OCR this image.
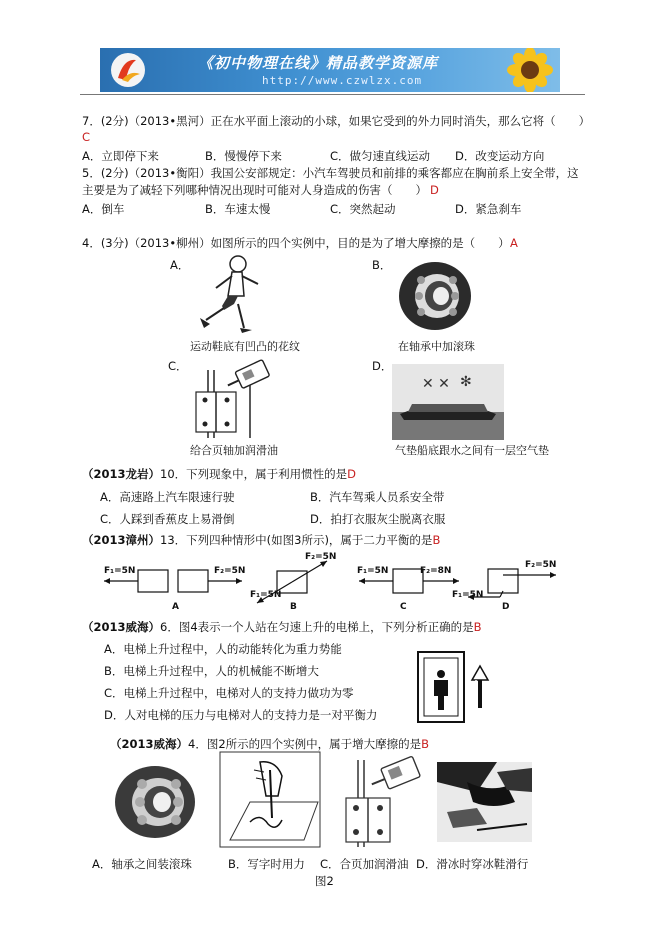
《初中物理在线》精品教学资源库
http://www.czwlzx.com
7．(2分)（2013•黑河）正在水平面上滚动的小球，如果它受到的外力同时消失，那么它将（　　）
C
A．立即停下来	B．慢慢停下来	C．做匀速直线运动 D．改变运动方向
5．(2分)（2013•衡阳）我国公安部规定：小汽车驾驶员和前排的乘客都应在胸前系上安全带，这
主要是为了减轻下列哪种情况出现时可能对人身造成的伤害（　　） D
A．倒车	B．车速太慢	C．突然起动	D．紧急刹车
4．(3分)（2013•柳州）如图所示的四个实例中，目的是为了增大摩擦的是（　　） A
A．	B．
运动鞋底有凹凸的花纹	在轴承中加滚珠
C．	D．
✕ ✕ ✻
给合页轴加润滑油	气垫船底跟水之间有一层空气垫
（2013龙岩）10．下列现象中，属于利用惯性的是D
A．高速路上汽车限速行驶	B．汽车驾乘人员系安全带
C．人踩到香蕉皮上易滑倒	D．拍打衣服灰尘脱离衣服
（2013漳州）13．下列四种情形中(如图3所示)，属于二力平衡的是B
F₁=5N	F₂=5N
A
F₂=5N
F₁=5N
B
F₁=5N	F₂=8N
C
F₂=5N
F₁=5N
D
（2013威海）6．图4表示一个人站在匀速上升的电梯上，下列分析正确的是B
A．电梯上升过程中，人的动能转化为重力势能
B．电梯上升过程中，人的机械能不断增大
C．电梯上升过程中，电梯对人的支持力做功为零
D．人对电梯的压力与电梯对人的支持力是一对平衡力
（2013威海）4．图2所示的四个实例中，属于增大摩擦的是B
A．轴承之间装滚珠	B．写字时用力 C．合页加润滑油 D．滑冰时穿冰鞋滑行
图2
